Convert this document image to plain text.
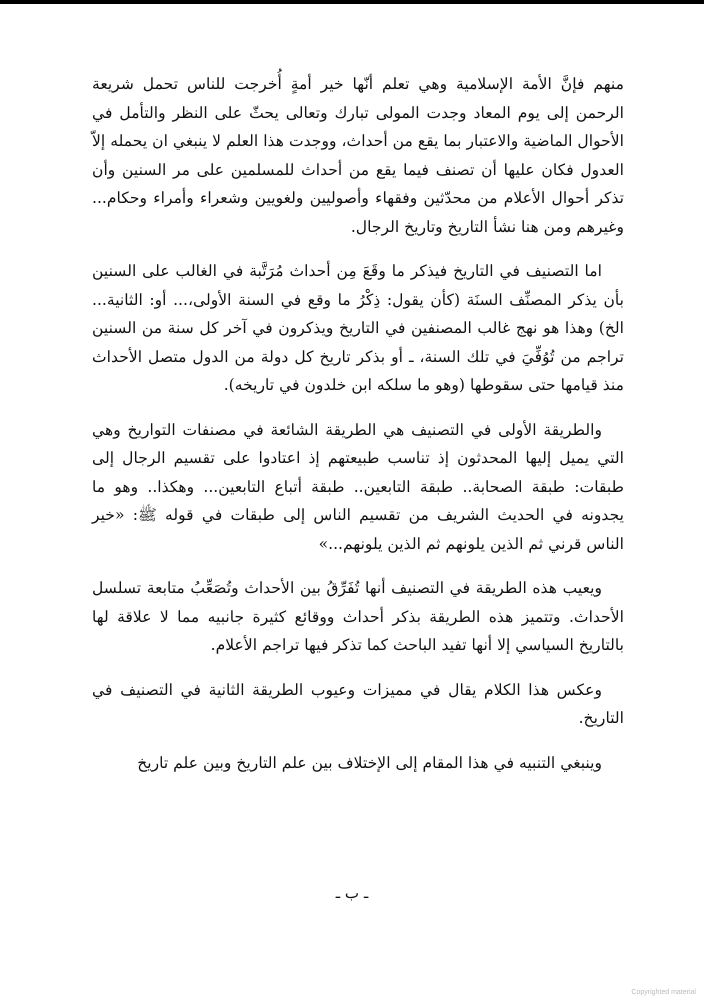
منهم فإنَّ الأمة الإسلامية وهي تعلم أنّها خير أمةٍ أُخرجت للناس تحمل شريعة الرحمن إلى يوم المعاد وجدت المولى تبارك وتعالى يحثّ على النظر والتأمل في الأحوال الماضية والاعتبار بما يقع من أحداث، ووجدت هذا العلم لا ينبغي ان يحمله إلاّ العدول فكان عليها أن تصنف فيما يقع من أحداث للمسلمين على مر السنين وأن تذكر أحوال الأعلام من محدّثين وفقهاء وأصوليين ولغويين وشعراء وأمراء وحكام... وغيرهم ومن هنا نشأ التاريخ وتاريخ الرجال.

اما التصنيف في التاريخ فيذكر ما وقَعَ مِن أحداث مُرَتَّبة في الغالب على السنين بأن يذكر المصنِّف السنَة (كأن يقول: ذِكْرُ ما وقع في السنة الأولى،... أو: الثانية... الخ) وهذا هو نهج غالب المصنفين في التاريخ ويذكرون في آخر كل سنة من السنين تراجم من تُوُفِّيَ في تلك السنة، ـ أو بذكر تاريخ كل دولة من الدول متصل الأحداث منذ قيامها حتى سقوطها (وهو ما سلكه ابن خلدون في تاريخه).

والطريقة الأولى في التصنيف هي الطريقة الشائعة في مصنفات التواريخ وهي التي يميل إليها المحدثون إذ تناسب طبيعتهم إذ اعتادوا على تقسيم الرجال إلى طبقات: طبقة الصحابة.. طبقة التابعين.. طبقة أتباع التابعين... وهكذا.. وهو ما يجدونه في الحديث الشريف من تقسيم الناس إلى طبقات في قوله ﷺ: «خير الناس قرني ثم الذين يلونهم ثم الذين يلونهم...»

ويعيب هذه الطريقة في التصنيف أنها تُفَرِّقُ بين الأحداث وتُصَعِّبُ متابعة تسلسل الأحداث. وتتميز هذه الطريقة بذكر أحداث ووقائع كثيرة جانبيه مما لا علاقة لها بالتاريخ السياسي إلا أنها تفيد الباحث كما تذكر فيها تراجم الأعلام.

وعكس هذا الكلام يقال في مميزات وعيوب الطريقة الثانية في التصنيف في التاريخ.

وينبغي التنبيه في هذا المقام إلى الإختلاف بين علم التاريخ وبين علم تاريخ

ـ ب ـ
Copyrighted material
